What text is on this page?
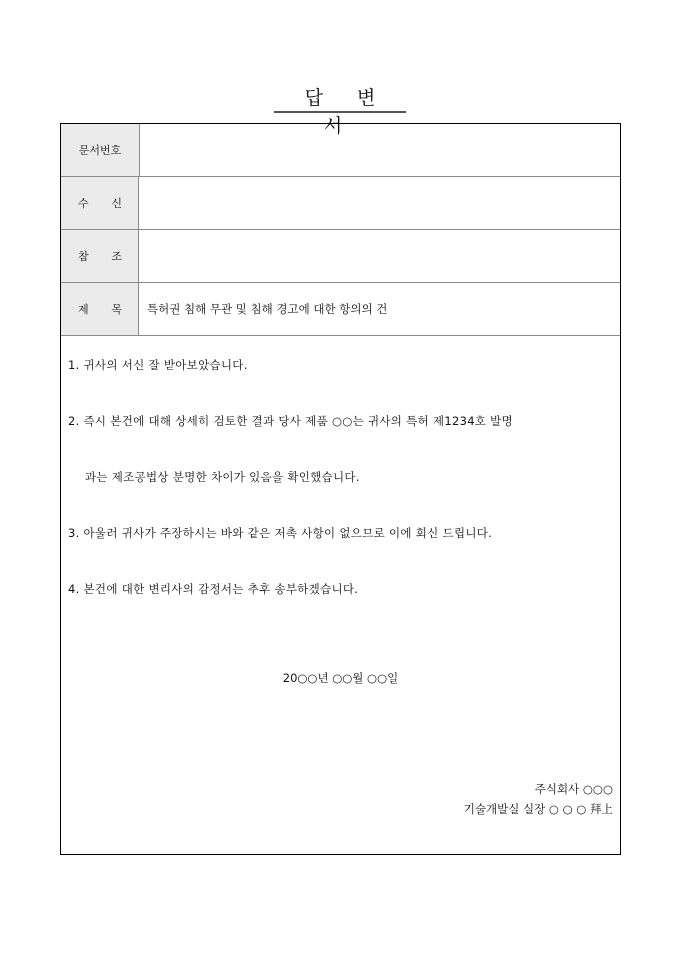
답 변 서
문서번호
수 신
참 조
제 목	특허권 침해 무관 및 침해 경고에 대한 항의의 건
1. 귀사의 서신 잘 받아보았습니다.
2. 즉시 본건에 대해 상세히 검토한 결과 당사 제품 ○○는 귀사의 특허 제1234호 발명
과는 제조공법상 분명한 차이가 있음을 확인했습니다.
3. 아울러 귀사가 주장하시는 바와 같은 저촉 사항이 없으므로 이에 회신 드립니다.
4. 본건에 대한 변리사의 감정서는 추후 송부하겠습니다.
20○○년 ○○월 ○○일
주식회사 ○○○
기술개발실 실장 ○ ○ ○ 拜上
